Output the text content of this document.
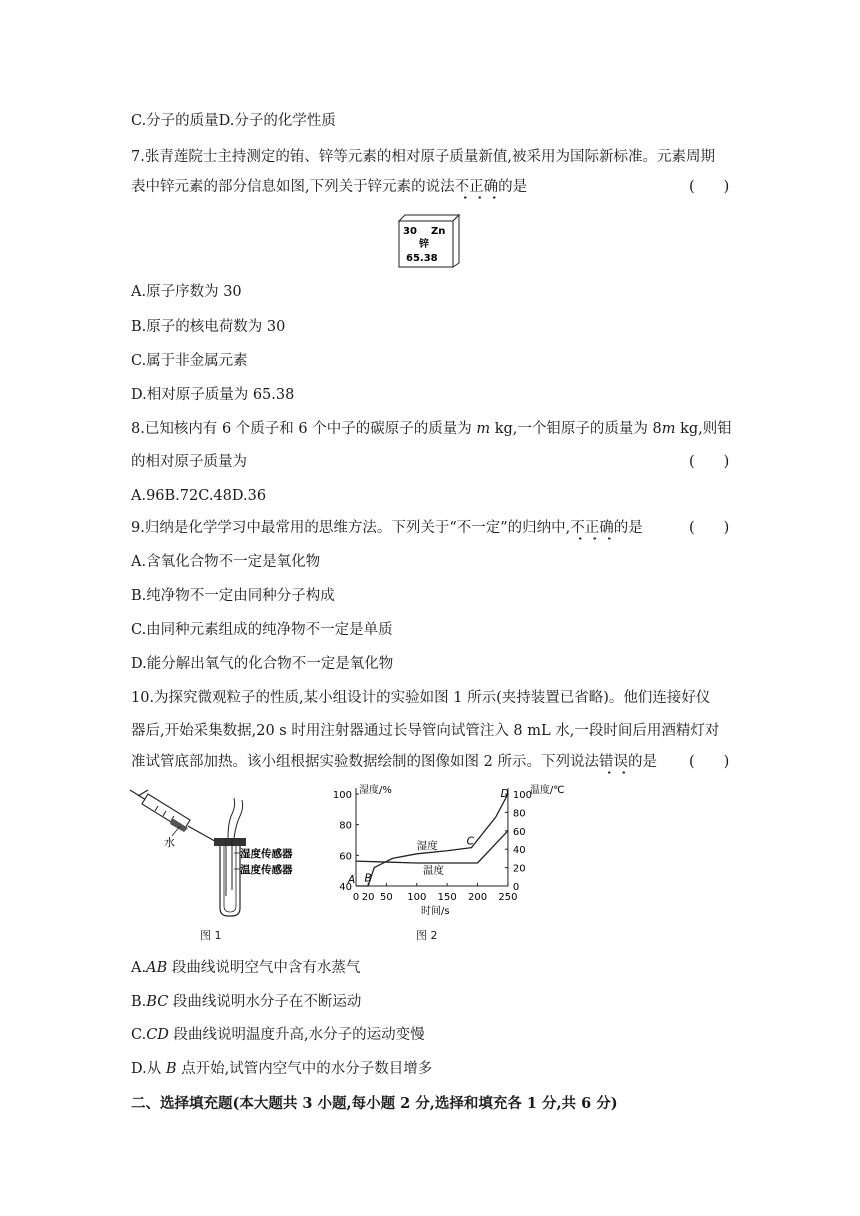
C.分子的质量D.分子的化学性质
7.张青莲院士主持测定的铕、锌等元素的相对原子质量新值,被采用为国际新标准。元素周期
表中锌元素的部分信息如图,下列关于锌元素的说法不正确的是	(　　)
30 Zn
锌
65.38
A.原子序数为 30
B.原子的核电荷数为 30
C.属于非金属元素
D.相对原子质量为 65.38
8.已知核内有 6 个质子和 6 个中子的碳原子的质量为 m kg,一个钼原子的质量为 8m kg,则钼
的相对原子质量为	(　　)
A.96B.72C.48D.36
9.归纳是化学学习中最常用的思维方法。下列关于“不一定”的归纳中,不正确的是	(　　)
A.含氧化合物不一定是氧化物
B.纯净物不一定由同种分子构成
C.由同种元素组成的纯净物不一定是单质
D.能分解出氧气的化合物不一定是氧化物
10.为探究微观粒子的性质,某小组设计的实验如图 1 所示(夹持装置已省略)。他们连接好仪
器后,开始采集数据,20 s 时用注射器通过长导管向试管注入 8 mL 水,一段时间后用酒精灯对
准试管底部加热。该小组根据实验数据绘制的图像如图 2 所示。下列说法错误的是 (　　)
水
湿度传感器
温度传感器
图 1
湿度/%	温度/℃
时间/s
40
60
80
100
0
20
40
60
80
100
0 20 50 100 150 200 250
湿度
温度
A B
C
D
图 2
A.AB 段曲线说明空气中含有水蒸气
B.BC 段曲线说明水分子在不断运动
C.CD 段曲线说明温度升高,水分子的运动变慢
D.从 B 点开始,试管内空气中的水分子数目增多
二、选择填充题(本大题共 3 小题,每小题 2 分,选择和填充各 1 分,共 6 分)
